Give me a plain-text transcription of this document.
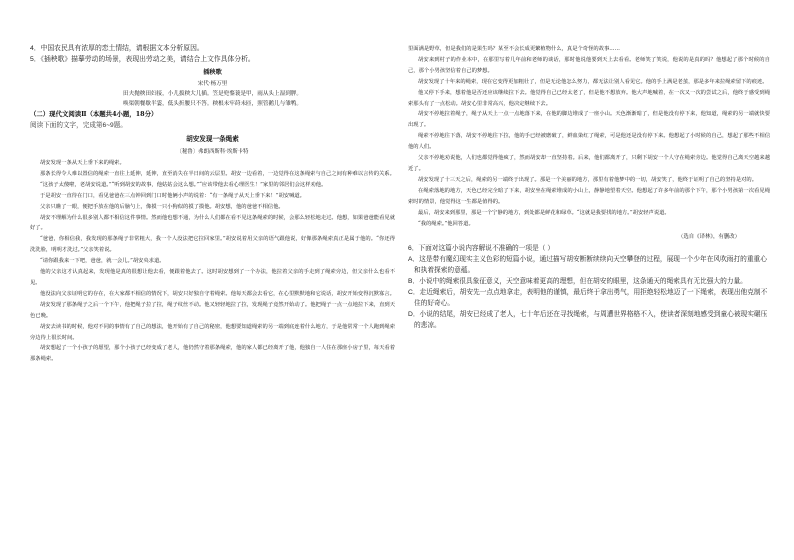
4．中国农民具有浓厚的恋土情结，请根据文本分析原因。
5．《插秧歌》描摹劳动的场景，表现出劳动之美，请结合上文作具体分析。
插秧歌
宋代·杨万里
田夫抛秧田妇接，小儿拔秧大儿插。笠是兜鍪蓑是甲，雨从头上湿到胛。
唤渠朝餐歇半霎，低头折腰只不答。秧根未牢莳未匝，照管鹅儿与雏鸭。
（二）现代文阅读Ⅱ（本题共4小题，18分）
阅读下面的文字，完成第6~9题。
胡安发现一条绳索
〔秘鲁〕弗朗西斯科·埃斯卡特

胡安发现一条从天上垂下来的绳索。

那条长得令人难以置信的绳索一直往上延伸，延伸，直至消失在半日间的云层里。胡安一边看着，一边觉得在这条绳索与自己之间有种难以言传的关系。

“这孩子太傻啦，老胡安说道。”“听到胡安的故事，他姑姑会这么想。”“应该带他去看心理医生！”家里的邻居们会这样劝他。

于是胡安一直待在门口，看见爸爸在三点钟回到门口时他俩小声的说着：“有一条绳子从天上垂下来！”胡安喊道。

父亲只瞧了一眼，便把手放在他的后脑勺上，像摸一只小狗似的摸了摸他。胡安想，他的爸爸不相信他。

胡安不理解为什么很多别人都不相信这件事情。然而他也想不通，为什么人们都在看不见这条绳索的时候，会那么轻松地走过。他想，如果爸爸能看见就好了。

“爸爸，你相信我，我发现的那条绳子非常粗大，我一个人没法把它拉回家里。”胡安说着用父亲的语气跟他说，好像那条绳索真正是属于他的。“你还得洗洗脸，明明才洗过。”父亲笑着说。

“请你跟我来一下吧，爸爸，就一会儿。”胡安央求道。

他的父亲这才认真起来，发现他是真的很想让他去看，便跟着他去了。这时胡安想到了一个办法，他拉着父亲的手走到了绳索旁边，但父亲什么也看不见。

他没法向父亲证明它的存在，在大家都不相信的情况下，胡安只好独自守着绳索。他每天都会去看它，在心里默默地和它说话，胡安开始变得沉默寡言。

胡安发现了那条绳子之后一个下午，他把绳子拉了拉，绳子纹丝不动。他又轻轻地拉了拉，发现绳子竟然开始动了。他把绳子一点一点地拉下来，直到天色已晚。

胡安去读书的时候，他对不同的事情有了自己的想法，他开始有了自己的秘密，他想要知道绳索的另一端到底连着什么地方，于是他常常一个人跑到绳索旁边待上很长时间。

胡安想起了一个小孩子的愿望，那个小孩子已经变成了老人，他仍然守着那条绳索，他的家人都已经离开了他，他独自一人住在那座小房子里，每天看着那条绳索。

里面满是野草，但是我们的是果生吗？某至不会长成更繁植物什么，真是个奇怪的故事……

胡安来到村子的作业本中，在那里写着几年前和老师的谈话，那时他说他要到天上去看看。老师笑了笑说，他说的是真的吗？他想起了那个时候的自己，那个小男孩坚信着自己的梦想。

胡安发现了十年来的绳索，现在它变得更加粗壮了，但是无论他怎么努力，都无法让别人看见它。他的手上满是老茧，那是多年来拉绳索留下的痕迹。

他又停下手来，想着他是否还应该继续拉下去。他觉得自己已经太老了，但是他不想放弃。他大声地喊着，在一次又一次的尝试之后，他终于感受到绳索那头有了一点松动。胡安心里非常高兴，他决定继续下去。

胡安不停地拉着绳子，绳子从天上一点一点地落下来，在他的脚边堆成了一座小山。天色渐渐暗了，但是他没有停下来，他知道，绳索的另一端就快要出现了。

绳索不停地往下落，胡安不停地往下拉，他的手已经被磨破了，鲜血染红了绳索，可是他还是没有停下来。他想起了小时候的自己，想起了那些不相信他的人们。

父亲不停地劝说他，人们也都觉得他疯了，然而胡安却一直坚持着。后来，他们都离开了，只剩下胡安一个人守在绳索旁边。他觉得自己离天空越来越近了。

胡安发现了十三天之后，绳索的另一端终于出现了。那是一个美丽的地方，那里有着他梦中的一切，胡安笑了，他终于证明了自己的坚持是对的。

在绳索落地的地方，天色已经完全暗了下来，胡安坐在绳索堆成的小山上，静静地望着天空。他想起了许多年前的那个下午，那个小男孩第一次看见绳索时的情景，他觉得这一生都是值得的。

最后，胡安来到那里，那是一个宁静的地方，到处都是鲜花和绿草。“这就是我要找的地方。”胡安轻声说道。

“我的绳索。”他回答道。

（选自《译林》，有删改）

6．下面对这篇小说内容解说不准确的一项是（ ）

A．这是带有魔幻现实主义色彩的短篇小说，通过描写胡安断断续续向天空攀登的过程，展现一个少年在风吹雨打的重重心和执着探索的意蕴。

B．小说中的绳索很具象征意义，天空意味着更高的理想，但在胡安的眼里，这条通天的绳索具有无比强大的力量。

C．走近绳索后，胡安先一点点地拿走，表明他的谨慎，最后终于拿出勇气，用拒绝轻松地迈了一下绳索，表现出他克制不住的好奇心。

D．小说的结尾，胡安已经成了老人，七十年后还在寻找绳索，与周遭世界格格不入，使读者深刻地感受到童心被现实碾压的悲凉。
